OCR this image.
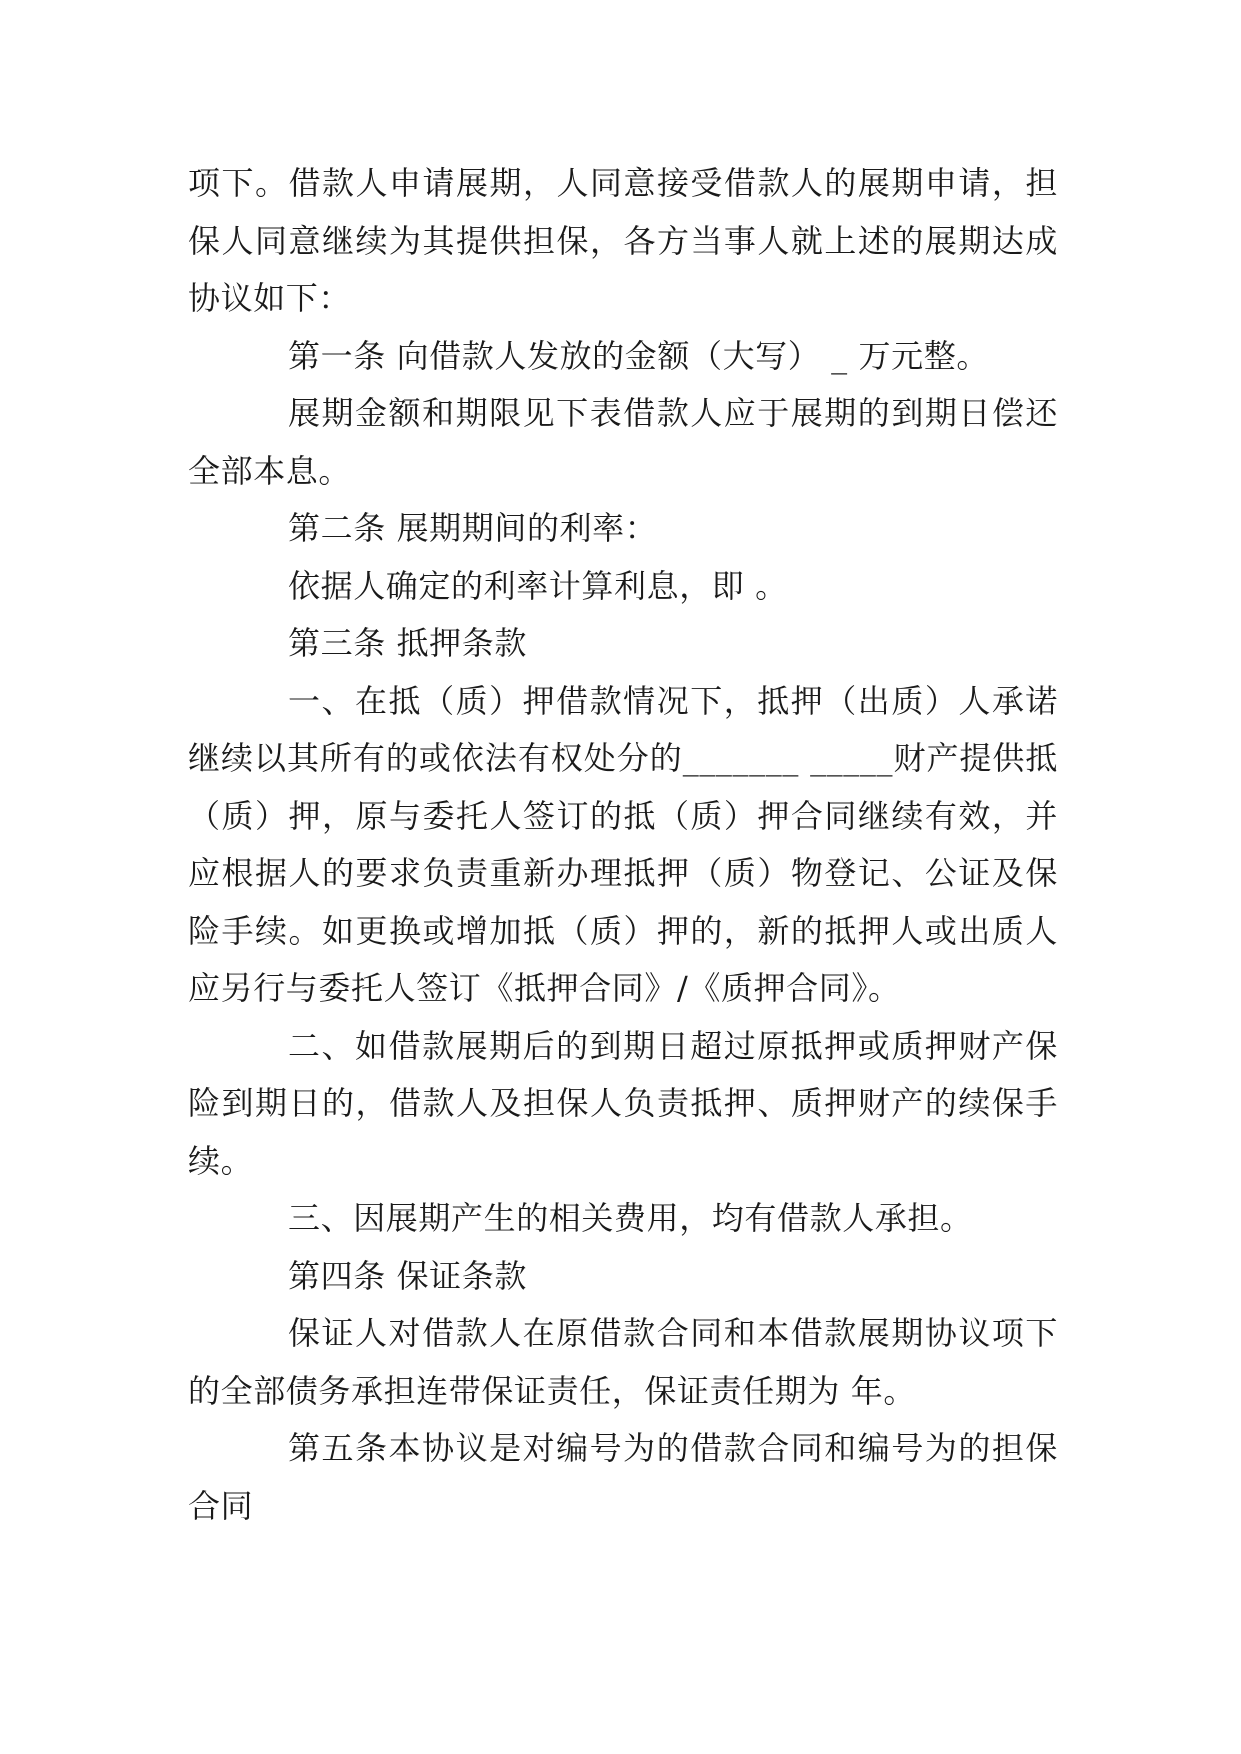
项下。借款人申请展期，人同意接受借款人的展期申请，担保人同意继续为其提供担保，各方当事人就上述的展期达成协议如下：

第一条 向借款人发放的金额（大写） _ 万元整。

展期金额和期限见下表借款人应于展期的到期日偿还全部本息。

第二条 展期期间的利率：

依据人确定的利率计算利息，即 。

第三条 抵押条款

一、在抵（质）押借款情况下，抵押（出质）人承诺继续以其所有的或依法有权处分的_______ _____财产提供抵（质）押，原与委托人签订的抵（质）押合同继续有效，并应根据人的要求负责重新办理抵押（质）物登记、公证及保险手续。如更换或增加抵（质）押的，新的抵押人或出质人应另行与委托人签订《抵押合同》/《质押合同》。

二、如借款展期后的到期日超过原抵押或质押财产保险到期日的，借款人及担保人负责抵押、质押财产的续保手续。

三、因展期产生的相关费用，均有借款人承担。

第四条 保证条款

保证人对借款人在原借款合同和本借款展期协议项下的全部债务承担连带保证责任，保证责任期为 年。

第五条本协议是对编号为的借款合同和编号为的担保合同
